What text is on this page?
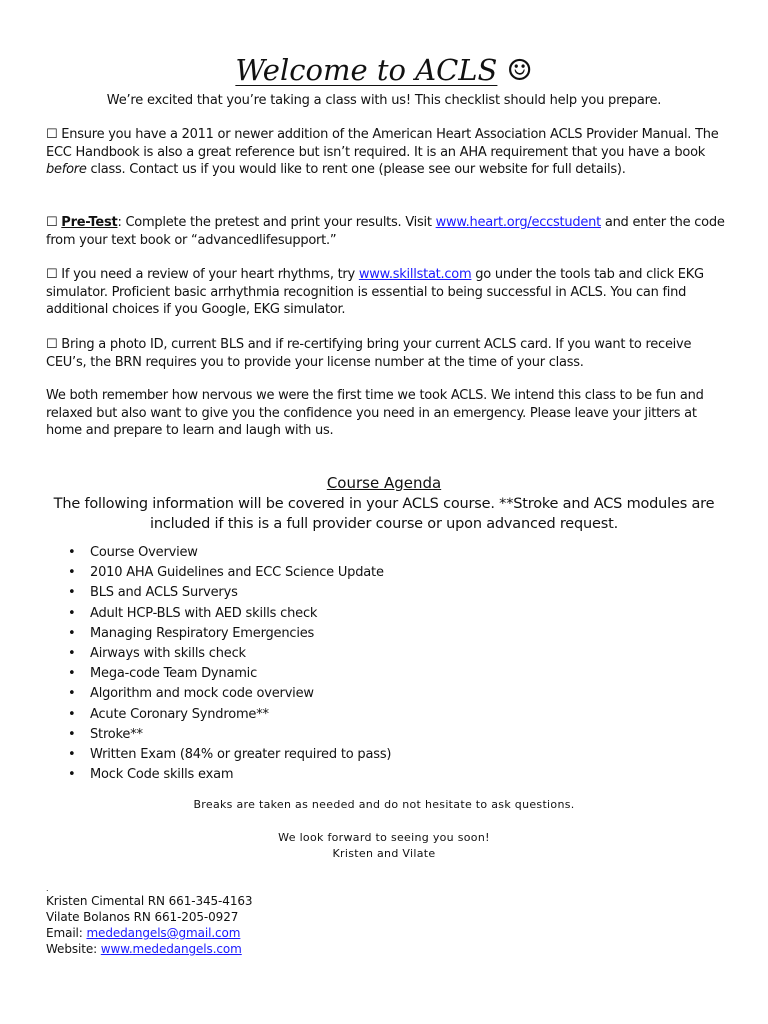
Welcome to ACLS ☺
We’re excited that you’re taking a class with us! This checklist should help you prepare.

☐ Ensure you have a 2011 or newer addition of the American Heart Association ACLS Provider Manual. The ECC Handbook is also a great reference but isn’t required. It is an AHA requirement that you have a book before class. Contact us if you would like to rent one (please see our website for full details).

☐ Pre-Test: Complete the pretest and print your results. Visit www.heart.org/eccstudent and enter the code from your text book or “advancedlifesupport.”

☐ If you need a review of your heart rhythms, try www.skillstat.com go under the tools tab and click EKG simulator. Proficient basic arrhythmia recognition is essential to being successful in ACLS. You can find additional choices if you Google, EKG simulator.

☐ Bring a photo ID, current BLS and if re-certifying bring your current ACLS card. If you want to receive CEU’s, the BRN requires you to provide your license number at the time of your class.

We both remember how nervous we were the first time we took ACLS. We intend this class to be fun and relaxed but also want to give you the confidence you need in an emergency. Please leave your jitters at home and prepare to learn and laugh with us.

Course Agenda

The following information will be covered in your ACLS course. **Stroke and ACS modules are included if this is a full provider course or upon advanced request.

• Course Overview
• 2010 AHA Guidelines and ECC Science Update
• BLS and ACLS Surverys
• Adult HCP-BLS with AED skills check
• Managing Respiratory Emergencies
• Airways with skills check
• Mega-code Team Dynamic
• Algorithm and mock code overview
• Acute Coronary Syndrome**
• Stroke**
• Written Exam (84% or greater required to pass)
• Mock Code skills exam
Breaks are taken as needed and do not hesitate to ask questions.
We look forward to seeing you soon!
Kristen and Vilate
.
Kristen Cimental RN 661-345-4163
Vilate Bolanos RN 661-205-0927
Email: mededangels@gmail.com
Website: www.mededangels.com
